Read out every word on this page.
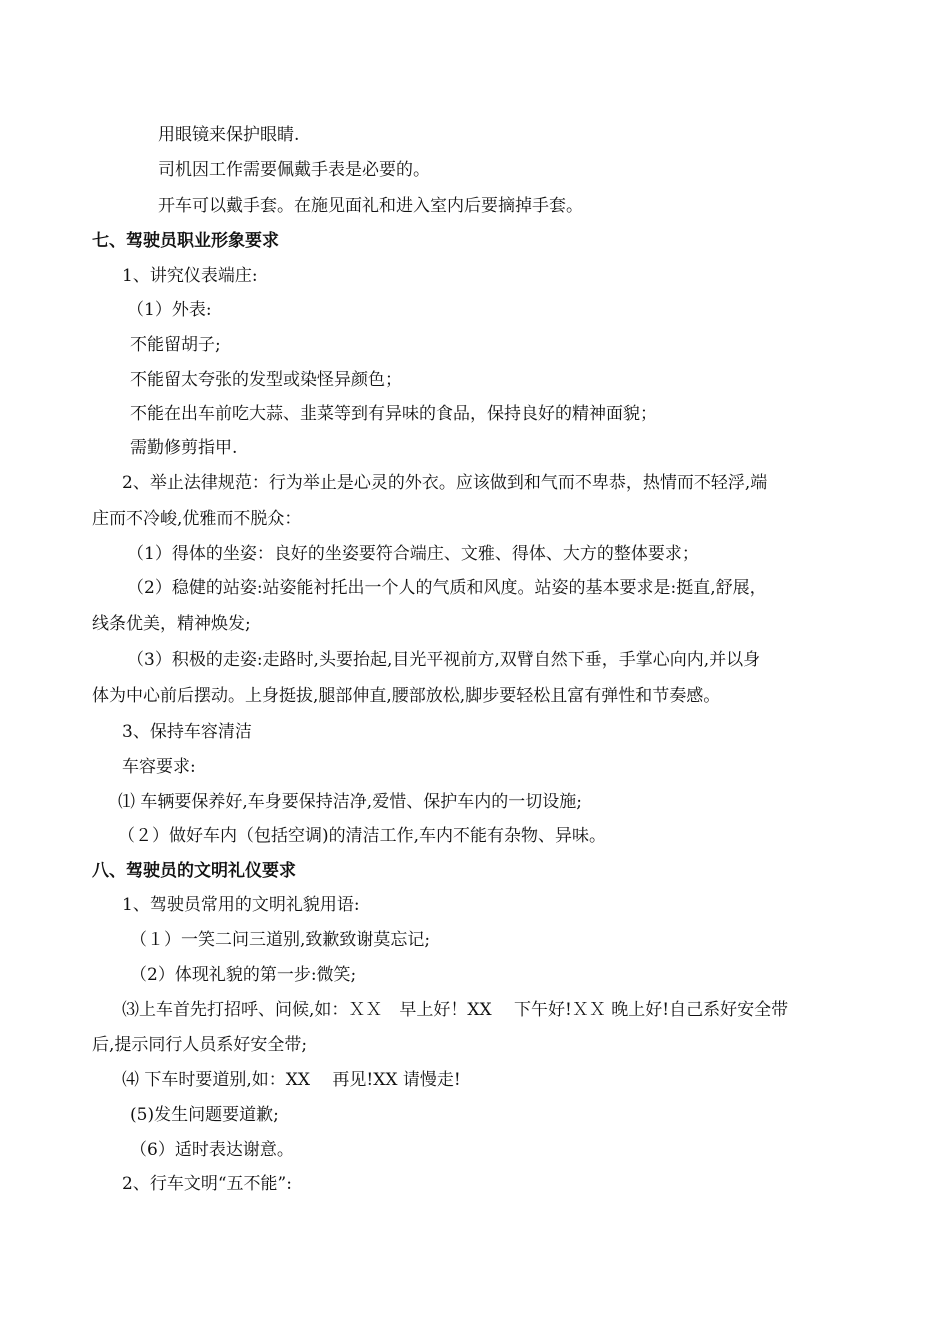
用眼镜来保护眼睛.
司机因工作需要佩戴手表是必要的。
开车可以戴手套。在施见面礼和进入室内后要摘掉手套。
七、驾驶员职业形象要求
1、讲究仪表端庄:
（1）外表:
不能留胡子;
不能留太夸张的发型或染怪异颜色；
不能在出车前吃大蒜、韭菜等到有异味的食品，保持良好的精神面貌；
需勤修剪指甲.
2、举止法律规范：行为举止是心灵的外衣。应该做到和气而不卑恭，热情而不轻浮,端
庄而不冷峻,优雅而不脱众：
（1）得体的坐姿：良好的坐姿要符合端庄、文雅、得体、大方的整体要求；
（2）稳健的站姿:站姿能衬托出一个人的气质和风度。站姿的基本要求是:挺直,舒展，
线条优美，精神焕发;
（3）积极的走姿:走路时,头要抬起,目光平视前方,双臂自然下垂，手掌心向内,并以身
体为中心前后摆动。上身挺拔,腿部伸直,腰部放松,脚步要轻松且富有弹性和节奏感。
3、保持车容清洁
车容要求:
⑴ 车辆要保养好,车身要保持洁净,爱惜、保护车内的一切设施;
（２）做好车内（包括空调)的清洁工作,车内不能有杂物、异味。
八、驾驶员的文明礼仪要求
1、驾驶员常用的文明礼貌用语:
（１）一笑二问三道别,致歉致谢莫忘记;
（2）体现礼貌的第一步:微笑;
⑶上车首先打招呼、问候,如：ＸＸ　早上好！XX　 下午好!ＸＸ 晚上好!自己系好安全带
后,提示同行人员系好安全带;
⑷ 下车时要道别,如：XX　 再见!XX 请慢走!
(5)发生问题要道歉;
（6）适时表达谢意。
2、行车文明“五不能”:
